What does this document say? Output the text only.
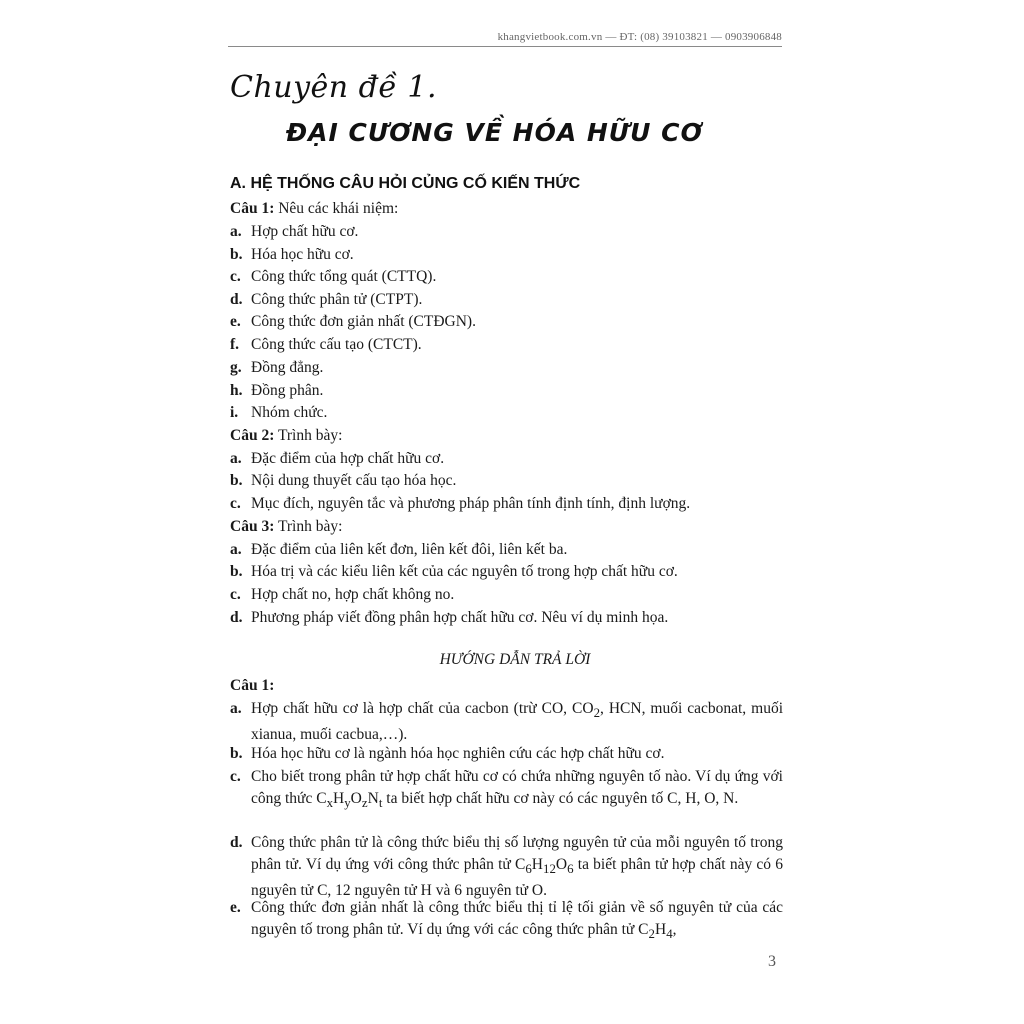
khangvietbook.com.vn — ĐT: (08) 39103821 — 0903906848
Chuyên đề 1.
ĐẠI CƯƠNG VỀ HÓA HỮU CƠ
A. HỆ THỐNG CÂU HỎI CỦNG CỐ KIẾN THỨC
Câu 1: Nêu các khái niệm:
a. Hợp chất hữu cơ.
b. Hóa học hữu cơ.
c. Công thức tổng quát (CTTQ).
d. Công thức phân tử (CTPT).
e. Công thức đơn giản nhất (CTĐGN).
f. Công thức cấu tạo (CTCT).
g. Đồng đẳng.
h. Đồng phân.
i. Nhóm chức.
Câu 2: Trình bày:
a. Đặc điểm của hợp chất hữu cơ.
b. Nội dung thuyết cấu tạo hóa học.
c. Mục đích, nguyên tắc và phương pháp phân tính định tính, định lượng.
Câu 3: Trình bày:
a. Đặc điểm của liên kết đơn, liên kết đôi, liên kết ba.
b. Hóa trị và các kiểu liên kết của các nguyên tố trong hợp chất hữu cơ.
c. Hợp chất no, hợp chất không no.
d. Phương pháp viết đồng phân hợp chất hữu cơ. Nêu ví dụ minh họa.
HƯỚNG DẪN TRẢ LỜI
Câu 1:
a. Hợp chất hữu cơ là hợp chất của cacbon (trừ CO, $CO_2$, HCN, muối cacbonat, muối xianua, muối cacbua,…).
b. Hóa học hữu cơ là ngành hóa học nghiên cứu các hợp chất hữu cơ.
c. Cho biết trong phân tử hợp chất hữu cơ có chứa những nguyên tố nào. Ví dụ ứng với công thức $C_xH_yO_zN_t$ ta biết hợp chất hữu cơ này có các nguyên tố C, H, O, N.
d. Công thức phân tử là công thức biểu thị số lượng nguyên tử của mỗi nguyên tố trong phân tử. Ví dụ ứng với công thức phân tử $C_6H_{12}O_6$ ta biết phân tử hợp chất này có 6 nguyên tử C, 12 nguyên tử H và 6 nguyên tử O.
e. Công thức đơn giản nhất là công thức biểu thị tỉ lệ tối giản về số nguyên tử của các nguyên tố trong phân tử. Ví dụ ứng với các công thức phân tử $C_2H_4$,
3
